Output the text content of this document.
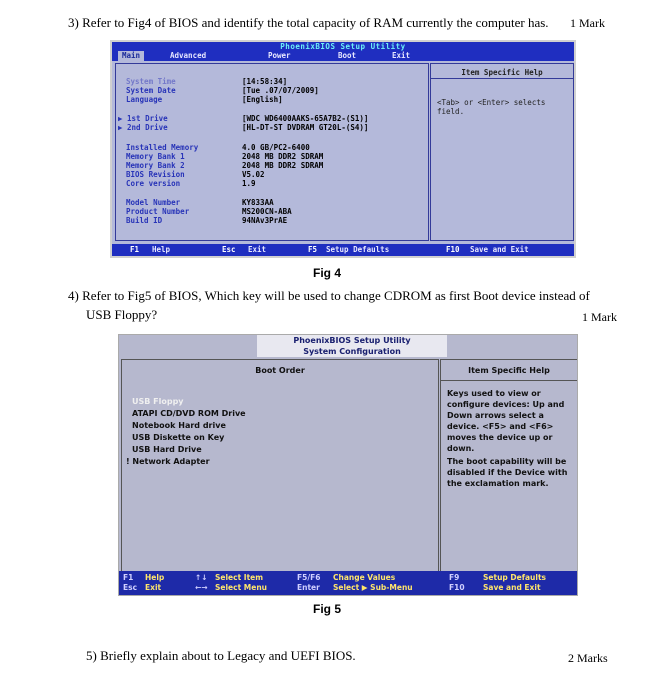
3) Refer to Fig4 of BIOS and identify the total capacity of RAM currently the computer has. 1 Mark
PhoenixBIOS Setup Utility
Main	Advanced	Power	Boot	Exit
System Time	[14:58:34]
System Date	[Tue .07/07/2009]
Language	[English]
▶ 1st Drive	[WDC WD6400AAKS-65A7B2-(S1)]
▶ 2nd Drive	[HL-DT-ST DVDRAM GT20L-(S4)]
Installed Memory	4.0 GB/PC2-6400
Memory Bank 1	2048 MB DDR2 SDRAM
Memory Bank 2	2048 MB DDR2 SDRAM
BIOS Revision	V5.02
Core version	1.9
Model Number	KY833AA
Product Number	MS200CN-ABA
Build ID	94NAv3PrAE
Item Specific Help
<Tab> or <Enter> selects field.
F1 Help	Esc Exit	F5 Setup Defaults	F10 Save and Exit
Fig 4
4) Refer to Fig5 of BIOS, Which key will be used to change CDROM as first Boot device instead of
USB Floppy?	1 Mark
PhoenixBIOS Setup Utility
System Configuration
Boot Order
USB Floppy
ATAPI CD/DVD ROM Drive
Notebook Hard drive
USB Diskette on Key
USB Hard Drive
! Network Adapter
Item Specific Help
Keys used to view or configure devices: Up and Down arrows select a device. <F5> and <F6> moves the device up or down.
The boot capability will be disabled if the Device with the exclamation mark.
F1 Help	↑↓ Select Item	F5/F6 Change Values	F9	Setup Defaults
Esc Exit	←→ Select Menu	Enter Select ▶ Sub-Menu	F10 Save and Exit
Fig 5
5) Briefly explain about to Legacy and UEFI BIOS.	2 Marks
